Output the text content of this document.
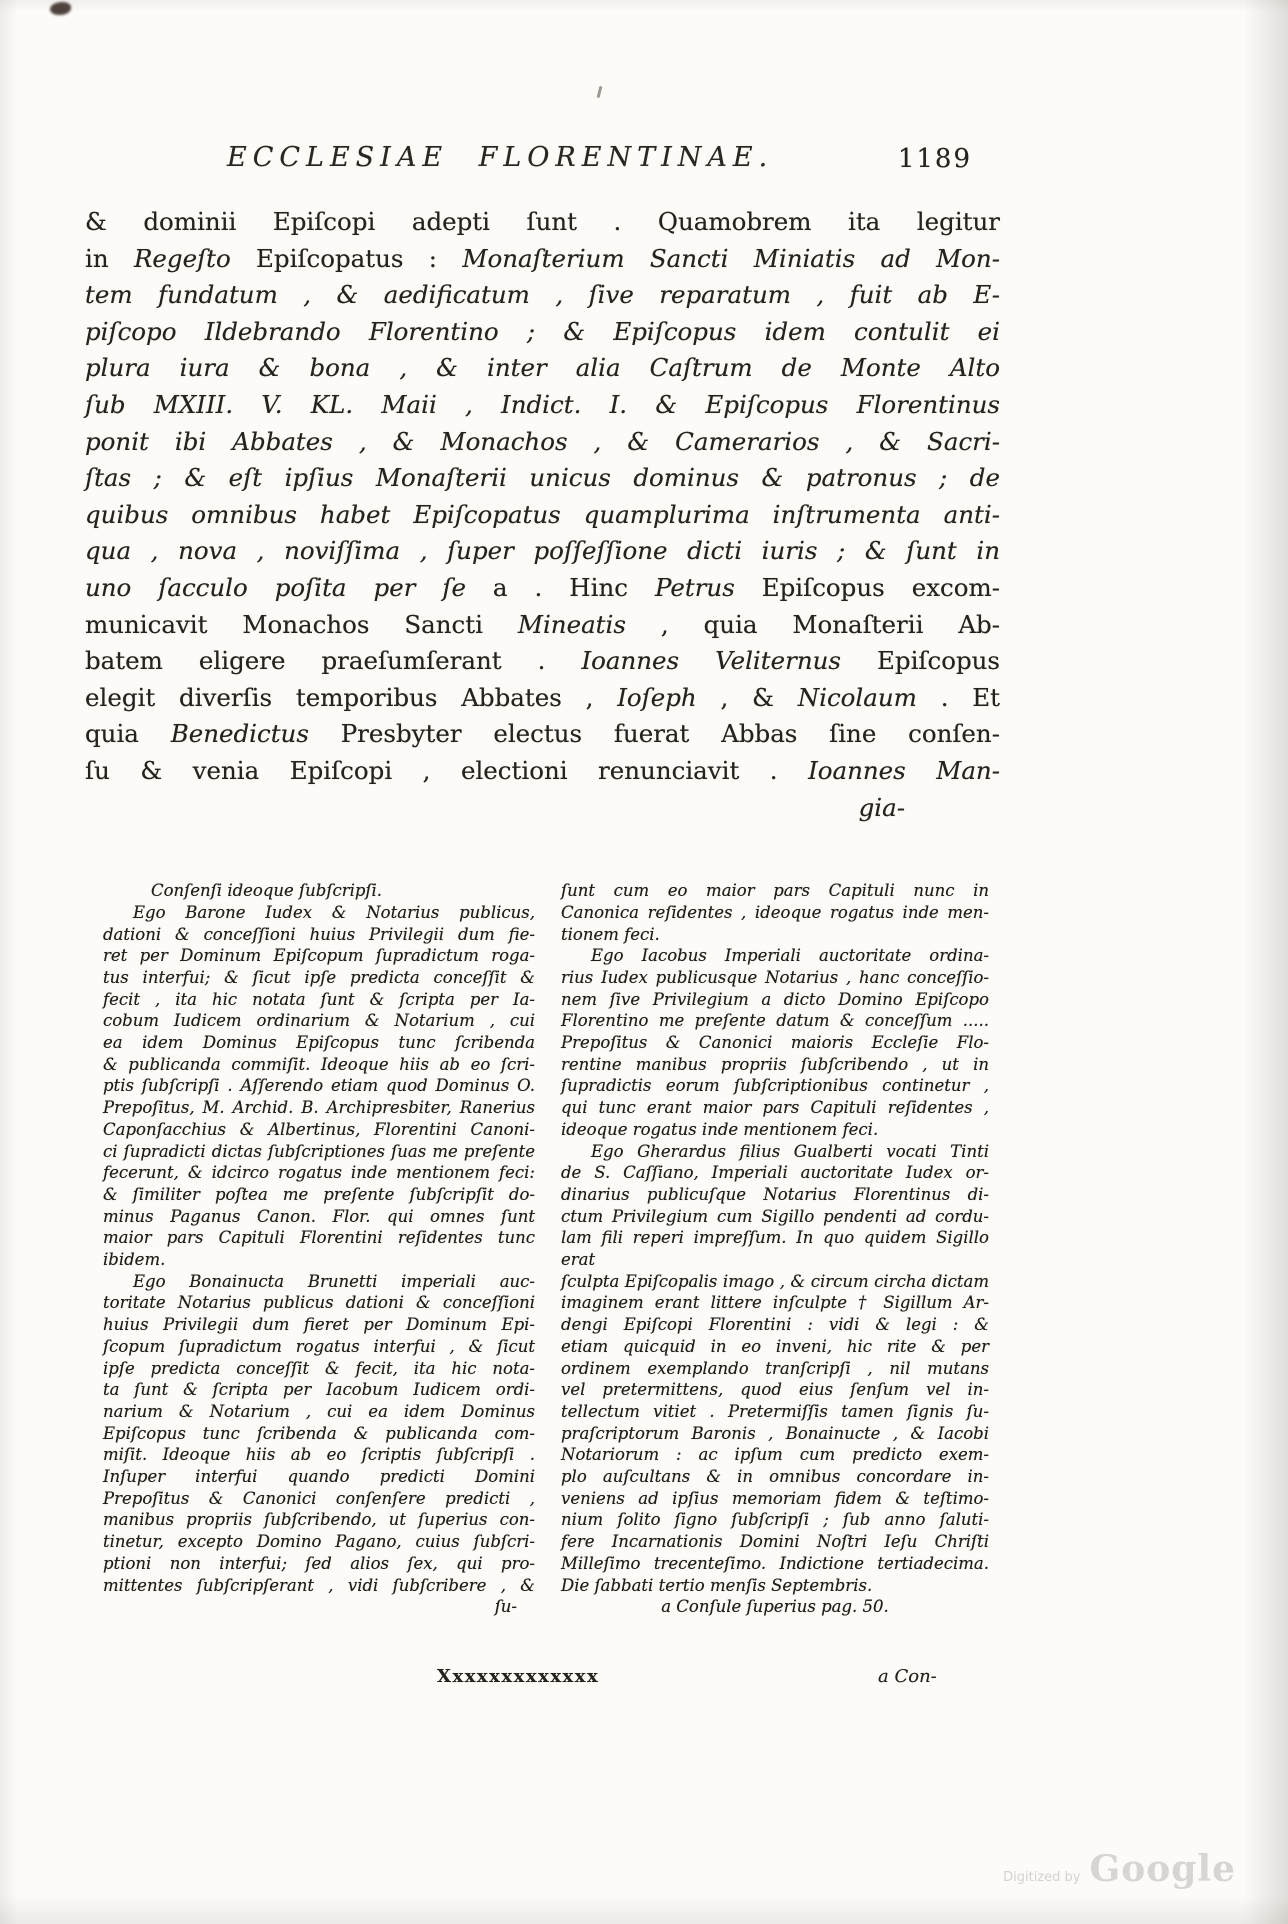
ECCLESIAE FLORENTINAE.	1189
& dominii Epiſcopi adepti ſunt . Quamobrem ita legitur
in Regeſto Epiſcopatus : Monaſterium Sancti Miniatis ad Mon-
tem fundatum , & aedificatum , ſive reparatum , fuit ab E-
piſcopo Ildebrando Florentino ; & Epiſcopus idem contulit ei
plura iura & bona , & inter alia Caſtrum de Monte Alto
ſub MXIII. V. KL. Maii , Indict. I. & Epiſcopus Florentinus
ponit ibi Abbates , & Monachos , & Camerarios , & Sacri-
ſtas ; & eſt ipſius Monaſterii unicus dominus & patronus ; de
quibus omnibus habet Epiſcopatus quamplurima inſtrumenta anti-
qua , nova , noviſſima , ſuper poſſeſſione dicti iuris ; & ſunt in
uno ſacculo poſita per ſe a . Hinc Petrus Epiſcopus excom-
municavit Monachos Sancti Mineatis , quia Monaſterii Ab-
batem eligere praeſumſerant . Ioannes Veliternus Epiſcopus
elegit diverſis temporibus Abbates , Ioſeph , & Nicolaum . Et
quia Benedictus Presbyter electus fuerat Abbas ſine conſen-
ſu & venia Epiſcopi , electioni renunciavit . Ioannes Man-
gia-
Conſenſi ideoque ſubſcripſi.
Ego Barone Iudex & Notarius publicus,
dationi & conceſſioni huius Privilegii dum fie-
ret per Dominum Epiſcopum ſupradictum roga-
tus interfui; & ſicut ipſe predicta conceſſit &
fecit , ita hic notata ſunt & ſcripta per Ia-
cobum Iudicem ordinarium & Notarium , cui
ea idem Dominus Epiſcopus tunc ſcribenda
& publicanda commiſit. Ideoque hiis ab eo ſcri-
ptis ſubſcripſi . Aſſerendo etiam quod Dominus O.
Prepoſitus, M. Archid. B. Archipresbiter, Ranerius
Caponſacchius & Albertinus, Florentini Canoni-
ci ſupradicti dictas ſubſcriptiones ſuas me preſente
fecerunt, & idcirco rogatus inde mentionem feci:
& ſimiliter poſtea me preſente ſubſcripſit do-
minus Paganus Canon. Flor. qui omnes ſunt
maior pars Capituli Florentini reſidentes tunc
ibidem.
Ego Bonainucta Brunetti imperiali auc-
toritate Notarius publicus dationi & conceſſioni
huius Privilegii dum fieret per Dominum Epi-
ſcopum ſupradictum rogatus interfui , & ſicut
ipſe predicta conceſſit & fecit, ita hic nota-
ta ſunt & ſcripta per Iacobum Iudicem ordi-
narium & Notarium , cui ea idem Dominus
Epiſcopus tunc ſcribenda & publicanda com-
miſit. Ideoque hiis ab eo ſcriptis ſubſcripſi .
Inſuper interfui quando predicti Domini
Prepoſitus & Canonici conſenſere predicti ,
manibus propriis ſubſcribendo, ut ſuperius con-
tinetur, excepto Domino Pagano, cuius ſubſcri-
ptioni non interfui; ſed alios ſex, qui pro-
mittentes ſubſcripſerant , vidi ſubſcribere , &
ſu-
ſunt cum eo maior pars Capituli nunc in
Canonica reſidentes , ideoque rogatus inde men-
tionem feci.
Ego Iacobus Imperiali auctoritate ordina-
rius Iudex publicusque Notarius , hanc conceſſio-
nem ſive Privilegium a dicto Domino Epiſcopo
Florentino me preſente datum & conceſſum .....
Prepoſitus & Canonici maioris Eccleſie Flo-
rentine manibus propriis ſubſcribendo , ut in
ſupradictis eorum ſubſcriptionibus continetur ,
qui tunc erant maior pars Capituli reſidentes ,
ideoque rogatus inde mentionem feci.
Ego Gherardus filius Gualberti vocati Tinti
de S. Caſſiano, Imperiali auctoritate Iudex or-
dinarius publicuſque Notarius Florentinus di-
ctum Privilegium cum Sigillo pendenti ad cordu-
lam fili reperi impreſſum. In quo quidem Sigillo erat
ſculpta Epiſcopalis imago , & circum circha dictam
imaginem erant littere inſculpte † Sigillum Ar-
dengi Epiſcopi Florentini : vidi & legi : &
etiam quicquid in eo inveni, hic rite & per
ordinem exemplando tranſcripſi , nil mutans
vel pretermittens, quod eius ſenſum vel in-
tellectum vitiet . Pretermiſſis tamen ſignis ſu-
praſcriptorum Baronis , Bonainucte , & Iacobi
Notariorum : ac ipſum cum predicto exem-
plo auſcultans & in omnibus concordare in-
veniens ad ipſius memoriam fidem & teſtimo-
nium ſolito ſigno ſubſcripſi ; ſub anno ſaluti-
fere Incarnationis Domini Noſtri Ieſu Chriſti
Milleſimo trecenteſimo. Indictione tertiadecima.
Die ſabbati tertio menſis Septembris.
a Conſule ſuperius pag. 50.
Xxxxxxxxxxxxx	a Con-
Digitized by Google
